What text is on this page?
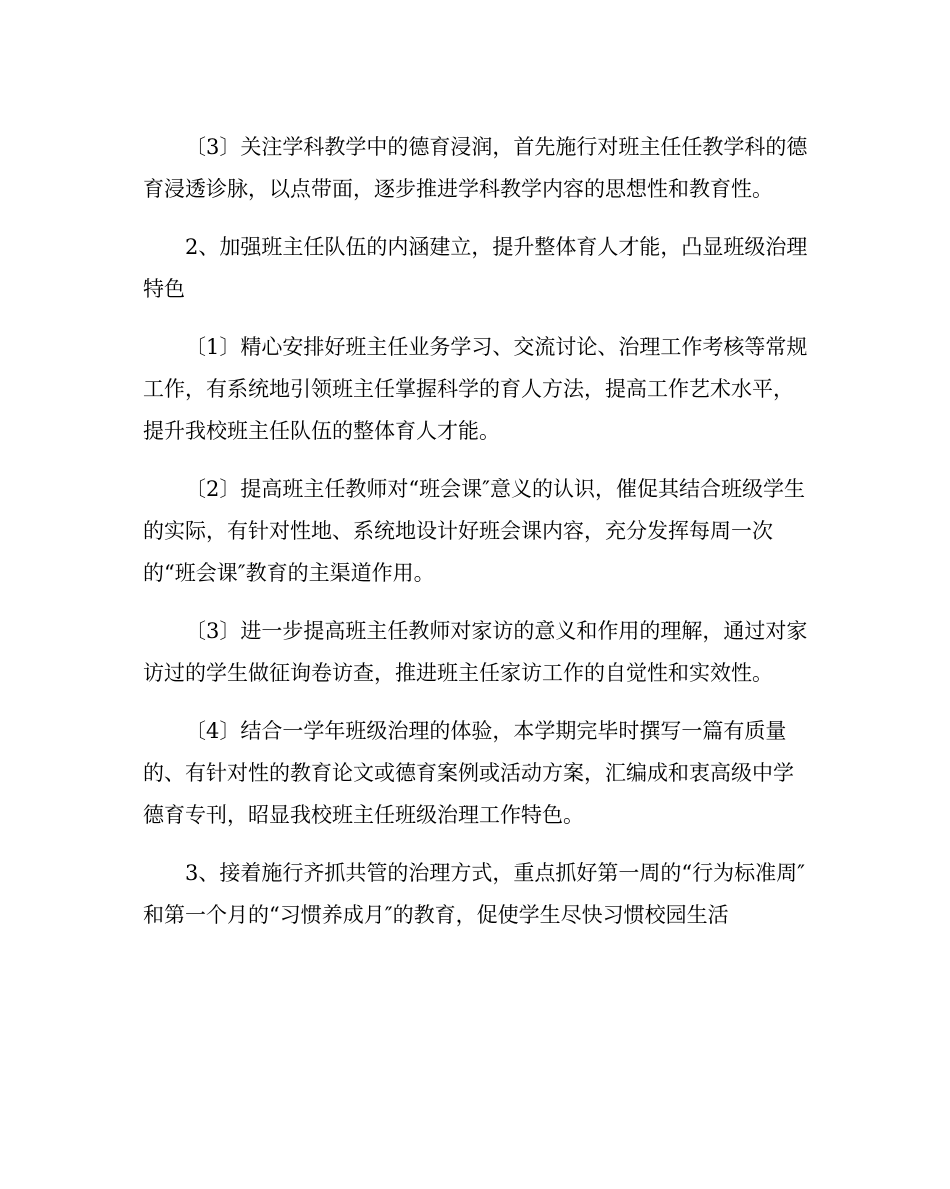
〔3〕关注学科教学中的德育浸润，首先施行对班主任任教学科的德育浸透诊脉，以点带面，逐步推进学科教学内容的思想性和教育性。

2、加强班主任队伍的内涵建立，提升整体育人才能，凸显班级治理特色

〔1〕精心安排好班主任业务学习、交流讨论、治理工作考核等常规工作，有系统地引领班主任掌握科学的育人方法，提高工作艺术水平，提升我校班主任队伍的整体育人才能。

〔2〕提高班主任教师对“班会课″意义的认识，催促其结合班级学生的实际，有针对性地、系统地设计好班会课内容，充分发挥每周一次的“班会课″教育的主渠道作用。

〔3〕进一步提高班主任教师对家访的意义和作用的理解，通过对家访过的学生做征询卷访查，推进班主任家访工作的自觉性和实效性。

〔4〕结合一学年班级治理的体验，本学期完毕时撰写一篇有质量的、有针对性的教育论文或德育案例或活动方案，汇编成和衷高级中学德育专刊，昭显我校班主任班级治理工作特色。

3、接着施行齐抓共管的治理方式，重点抓好第一周的“行为标准周″和第一个月的“习惯养成月″的教育，促使学生尽快习惯校园生活
